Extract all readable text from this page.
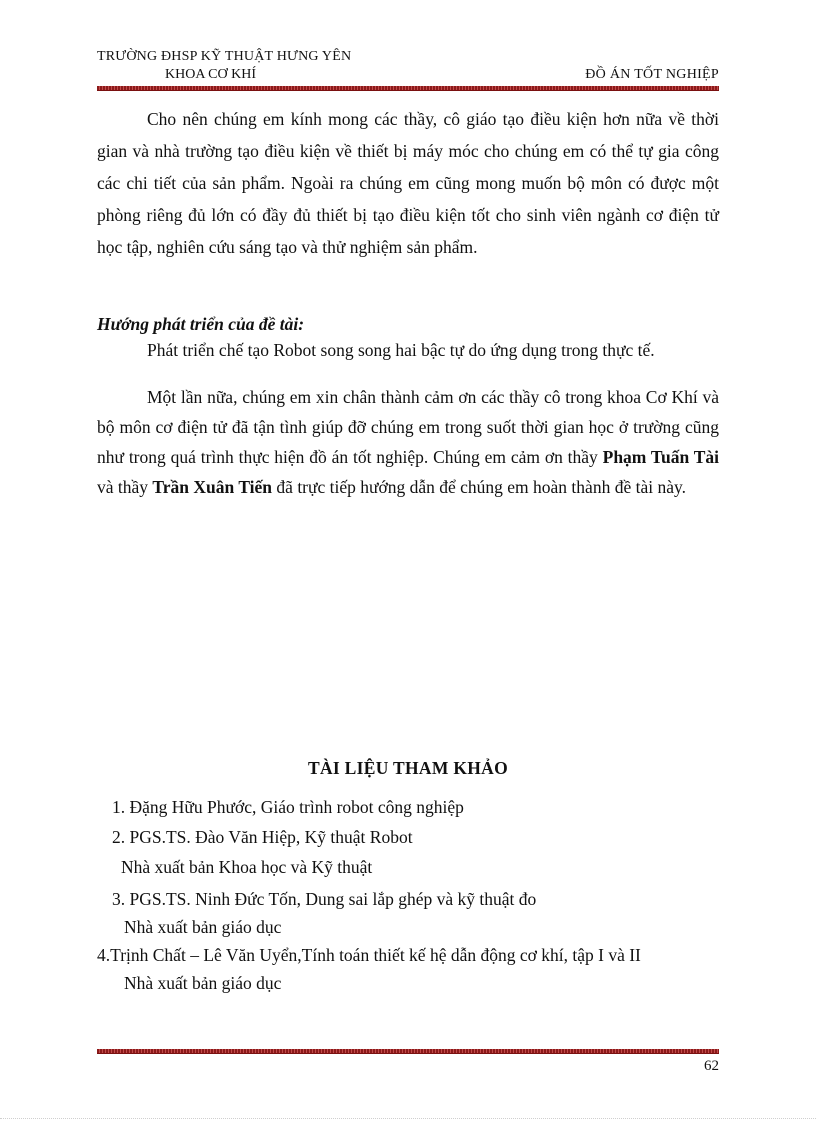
TRƯỜNG ĐHSP KỸ THUẬT HƯNG YÊN
KHOA CƠ KHÍ	ĐỒ ÁN TỐT NGHIỆP
Cho nên chúng em kính mong các thầy, cô giáo tạo điều kiện hơn nữa về thời gian và nhà trường tạo điều kiện về thiết bị máy móc cho chúng em có thể tự gia công các chi tiết của sản phẩm. Ngoài ra chúng em cũng mong muốn bộ môn có được một phòng riêng đủ lớn có đầy đủ thiết bị tạo điều kiện tốt cho sinh viên ngành cơ điện tử học tập, nghiên cứu sáng tạo và thử nghiệm sản phẩm.
Hướng phát triển của đề tài:
Phát triển chế tạo Robot song song hai bậc tự do ứng dụng trong thực tế.
Một lần nữa, chúng em xin chân thành cảm ơn các thầy cô trong khoa Cơ Khí và bộ môn cơ điện tử đã tận tình giúp đỡ chúng em trong suốt thời gian học ở trường cũng như trong quá trình thực hiện đồ án tốt nghiệp. Chúng em cảm ơn thầy Phạm Tuấn Tài và thầy Trần Xuân Tiến đã trực tiếp hướng dẫn để chúng em hoàn thành đề tài này.
TÀI LIỆU THAM KHẢO
1. Đặng Hữu Phước, Giáo trình robot công nghiệp
2. PGS.TS. Đào Văn Hiệp, Kỹ thuật Robot
Nhà xuất bản Khoa học và Kỹ thuật
3. PGS.TS. Ninh Đức Tốn, Dung sai lắp ghép và kỹ thuật đo
Nhà xuất bản giáo dục
4.Trịnh Chất – Lê Văn Uyển,Tính toán thiết kế hệ dẫn động cơ khí, tập I và II
Nhà xuất bản giáo dục
62
